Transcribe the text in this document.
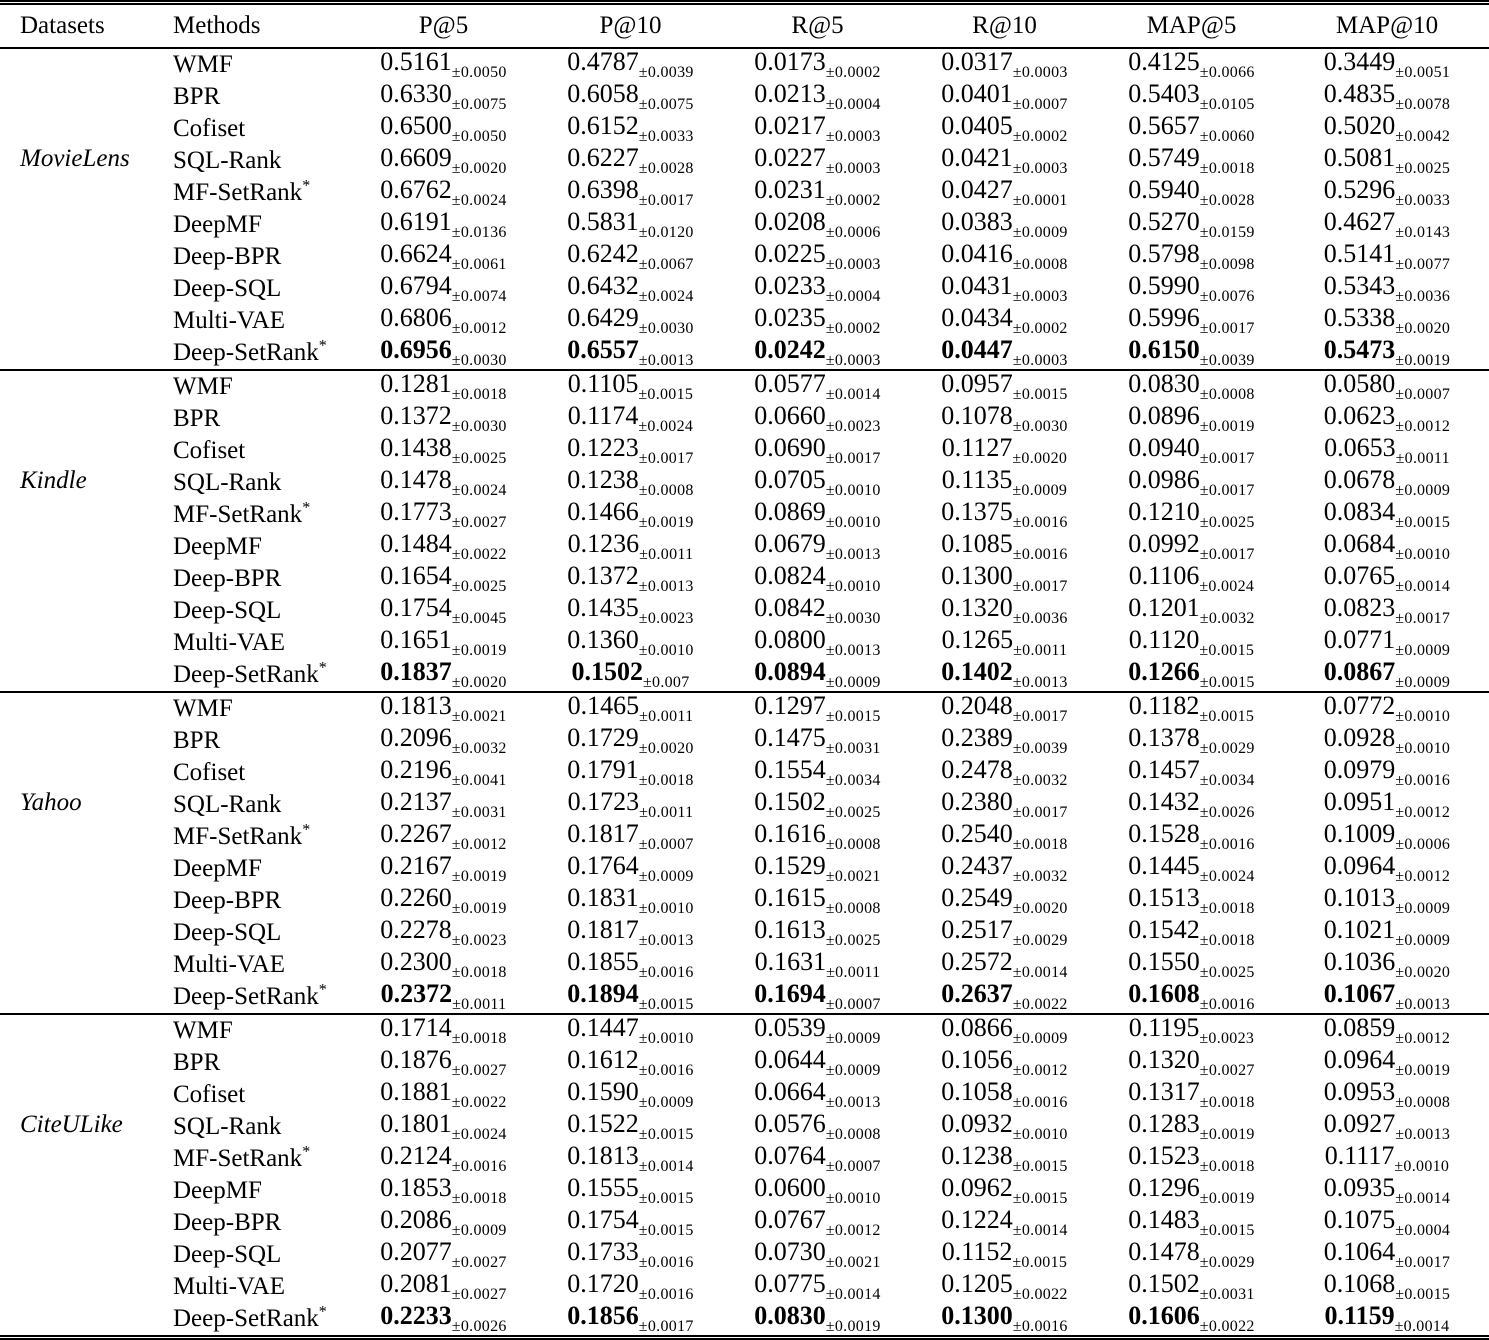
Datasets	Methods	P@5	P@10	R@5	R@10	MAP@5	MAP@10
MovieLens	WMF	0.5161±0.0050	0.4787±0.0039	0.0173±0.0002	0.0317±0.0003	0.4125±0.0066	0.3449±0.0051
	BPR	0.6330±0.0075	0.6058±0.0075	0.0213±0.0004	0.0401±0.0007	0.5403±0.0105	0.4835±0.0078
	Cofiset	0.6500±0.0050	0.6152±0.0033	0.0217±0.0003	0.0405±0.0002	0.5657±0.0060	0.5020±0.0042
	SQL-Rank	0.6609±0.0020	0.6227±0.0028	0.0227±0.0003	0.0421±0.0003	0.5749±0.0018	0.5081±0.0025
	MF-SetRank*	0.6762±0.0024	0.6398±0.0017	0.0231±0.0002	0.0427±0.0001	0.5940±0.0028	0.5296±0.0033
	DeepMF	0.6191±0.0136	0.5831±0.0120	0.0208±0.0006	0.0383±0.0009	0.5270±0.0159	0.4627±0.0143
	Deep-BPR	0.6624±0.0061	0.6242±0.0067	0.0225±0.0003	0.0416±0.0008	0.5798±0.0098	0.5141±0.0077
	Deep-SQL	0.6794±0.0074	0.6432±0.0024	0.0233±0.0004	0.0431±0.0003	0.5990±0.0076	0.5343±0.0036
	Multi-VAE	0.6806±0.0012	0.6429±0.0030	0.0235±0.0002	0.0434±0.0002	0.5996±0.0017	0.5338±0.0020
	Deep-SetRank*	0.6956±0.0030	0.6557±0.0013	0.0242±0.0003	0.0447±0.0003	0.6150±0.0039	0.5473±0.0019
Kindle	WMF	0.1281±0.0018	0.1105±0.0015	0.0577±0.0014	0.0957±0.0015	0.0830±0.0008	0.0580±0.0007
	BPR	0.1372±0.0030	0.1174±0.0024	0.0660±0.0023	0.1078±0.0030	0.0896±0.0019	0.0623±0.0012
	Cofiset	0.1438±0.0025	0.1223±0.0017	0.0690±0.0017	0.1127±0.0020	0.0940±0.0017	0.0653±0.0011
	SQL-Rank	0.1478±0.0024	0.1238±0.0008	0.0705±0.0010	0.1135±0.0009	0.0986±0.0017	0.0678±0.0009
	MF-SetRank*	0.1773±0.0027	0.1466±0.0019	0.0869±0.0010	0.1375±0.0016	0.1210±0.0025	0.0834±0.0015
	DeepMF	0.1484±0.0022	0.1236±0.0011	0.0679±0.0013	0.1085±0.0016	0.0992±0.0017	0.0684±0.0010
	Deep-BPR	0.1654±0.0025	0.1372±0.0013	0.0824±0.0010	0.1300±0.0017	0.1106±0.0024	0.0765±0.0014
	Deep-SQL	0.1754±0.0045	0.1435±0.0023	0.0842±0.0030	0.1320±0.0036	0.1201±0.0032	0.0823±0.0017
	Multi-VAE	0.1651±0.0019	0.1360±0.0010	0.0800±0.0013	0.1265±0.0011	0.1120±0.0015	0.0771±0.0009
	Deep-SetRank*	0.1837±0.0020	0.1502±0.007	0.0894±0.0009	0.1402±0.0013	0.1266±0.0015	0.0867±0.0009
Yahoo	WMF	0.1813±0.0021	0.1465±0.0011	0.1297±0.0015	0.2048±0.0017	0.1182±0.0015	0.0772±0.0010
	BPR	0.2096±0.0032	0.1729±0.0020	0.1475±0.0031	0.2389±0.0039	0.1378±0.0029	0.0928±0.0010
	Cofiset	0.2196±0.0041	0.1791±0.0018	0.1554±0.0034	0.2478±0.0032	0.1457±0.0034	0.0979±0.0016
	SQL-Rank	0.2137±0.0031	0.1723±0.0011	0.1502±0.0025	0.2380±0.0017	0.1432±0.0026	0.0951±0.0012
	MF-SetRank*	0.2267±0.0012	0.1817±0.0007	0.1616±0.0008	0.2540±0.0018	0.1528±0.0016	0.1009±0.0006
	DeepMF	0.2167±0.0019	0.1764±0.0009	0.1529±0.0021	0.2437±0.0032	0.1445±0.0024	0.0964±0.0012
	Deep-BPR	0.2260±0.0019	0.1831±0.0010	0.1615±0.0008	0.2549±0.0020	0.1513±0.0018	0.1013±0.0009
	Deep-SQL	0.2278±0.0023	0.1817±0.0013	0.1613±0.0025	0.2517±0.0029	0.1542±0.0018	0.1021±0.0009
	Multi-VAE	0.2300±0.0018	0.1855±0.0016	0.1631±0.0011	0.2572±0.0014	0.1550±0.0025	0.1036±0.0020
	Deep-SetRank*	0.2372±0.0011	0.1894±0.0015	0.1694±0.0007	0.2637±0.0022	0.1608±0.0016	0.1067±0.0013
CiteULike	WMF	0.1714±0.0018	0.1447±0.0010	0.0539±0.0009	0.0866±0.0009	0.1195±0.0023	0.0859±0.0012
	BPR	0.1876±0.0027	0.1612±0.0016	0.0644±0.0009	0.1056±0.0012	0.1320±0.0027	0.0964±0.0019
	Cofiset	0.1881±0.0022	0.1590±0.0009	0.0664±0.0013	0.1058±0.0016	0.1317±0.0018	0.0953±0.0008
	SQL-Rank	0.1801±0.0024	0.1522±0.0015	0.0576±0.0008	0.0932±0.0010	0.1283±0.0019	0.0927±0.0013
	MF-SetRank*	0.2124±0.0016	0.1813±0.0014	0.0764±0.0007	0.1238±0.0015	0.1523±0.0018	0.1117±0.0010
	DeepMF	0.1853±0.0018	0.1555±0.0015	0.0600±0.0010	0.0962±0.0015	0.1296±0.0019	0.0935±0.0014
	Deep-BPR	0.2086±0.0009	0.1754±0.0015	0.0767±0.0012	0.1224±0.0014	0.1483±0.0015	0.1075±0.0004
	Deep-SQL	0.2077±0.0027	0.1733±0.0016	0.0730±0.0021	0.1152±0.0015	0.1478±0.0029	0.1064±0.0017
	Multi-VAE	0.2081±0.0027	0.1720±0.0016	0.0775±0.0014	0.1205±0.0022	0.1502±0.0031	0.1068±0.0015
	Deep-SetRank*	0.2233±0.0026	0.1856±0.0017	0.0830±0.0019	0.1300±0.0016	0.1606±0.0022	0.1159±0.0014
